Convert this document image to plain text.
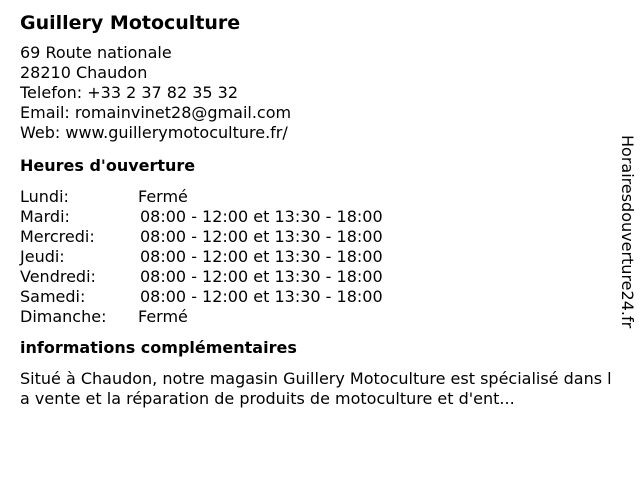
Guillery Motoculture
69 Route nationale
28210 Chaudon
Telefon: +33 2 37 82 35 32
Email: romainvinet28@gmail.com
Web: www.guillerymotoculture.fr/
Heures d'ouverture
Lundi:	Fermé
Mardi:	08:00 - 12:00 et 13:30 - 18:00
Mercredi:	08:00 - 12:00 et 13:30 - 18:00
Jeudi:	08:00 - 12:00 et 13:30 - 18:00
Vendredi:	08:00 - 12:00 et 13:30 - 18:00
Samedi:	08:00 - 12:00 et 13:30 - 18:00
Dimanche: Fermé
informations complémentaires
Situé à Chaudon, notre magasin Guillery Motoculture est spécialisé dans la vente et la réparation de produits de motoculture et d'ent...
Horairesdouverture24.fr
